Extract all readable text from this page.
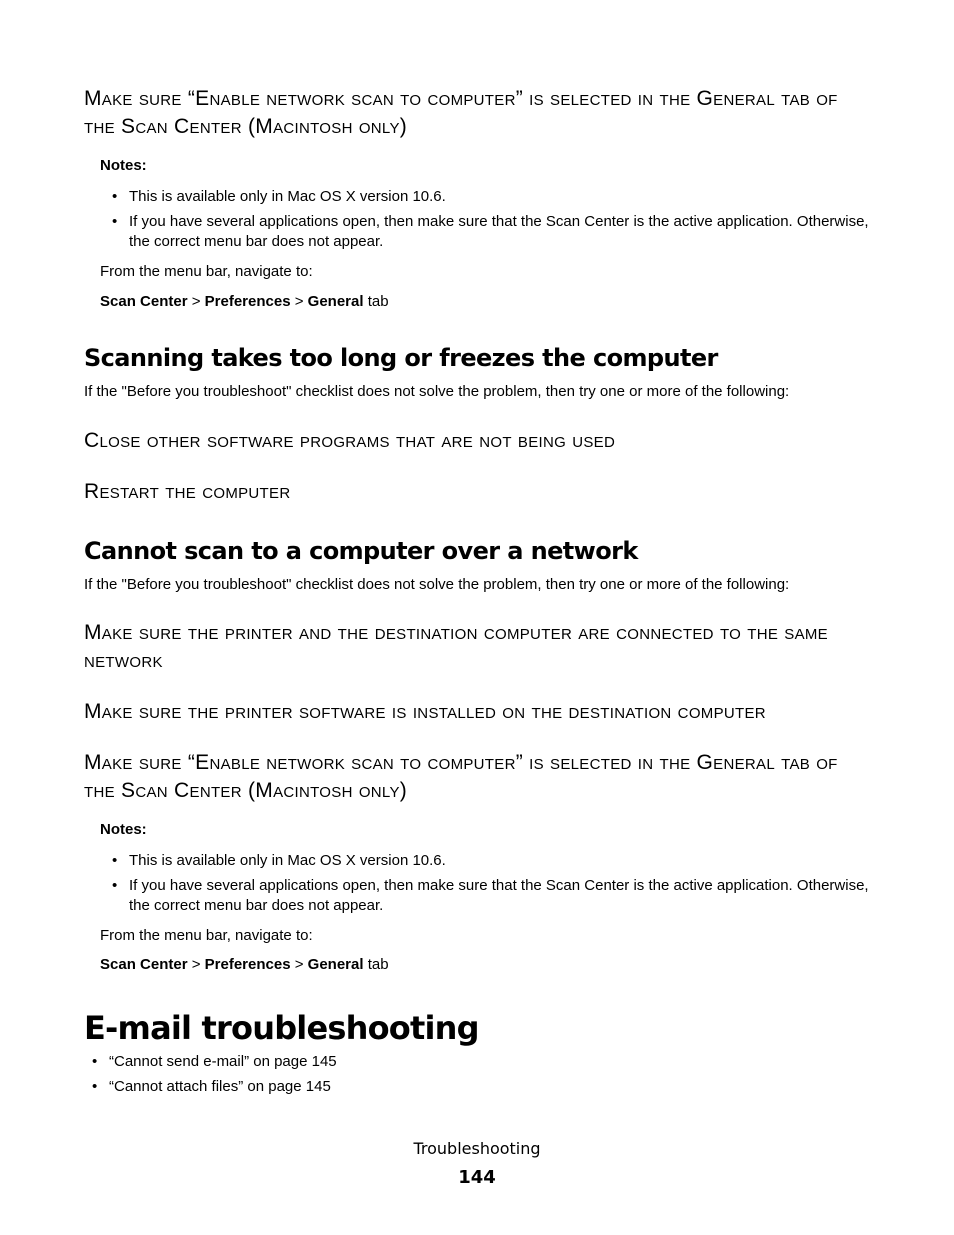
Make sure “Enable network scan to computer” is selected in the General tab of the Scan Center (Macintosh only)

Notes:

• This is available only in Mac OS X version 10.6.
• If you have several applications open, then make sure that the Scan Center is the active application. Otherwise, the correct menu bar does not appear.

From the menu bar, navigate to:

Scan Center > Preferences > General tab

Scanning takes too long or freezes the computer

If the "Before you troubleshoot" checklist does not solve the problem, then try one or more of the following:

Close other software programs that are not being used
Restart the computer
Cannot scan to a computer over a network

If the "Before you troubleshoot" checklist does not solve the problem, then try one or more of the following:

Make sure the printer and the destination computer are connected to the same network
Make sure the printer software is installed on the destination computer
Make sure “Enable network scan to computer” is selected in the General tab of the Scan Center (Macintosh only)

Notes:

• This is available only in Mac OS X version 10.6.
• If you have several applications open, then make sure that the Scan Center is the active application. Otherwise, the correct menu bar does not appear.

From the menu bar, navigate to:

Scan Center > Preferences > General tab

E-mail troubleshooting
• “Cannot send e-mail” on page 145
• “Cannot attach files” on page 145
Troubleshooting
144
